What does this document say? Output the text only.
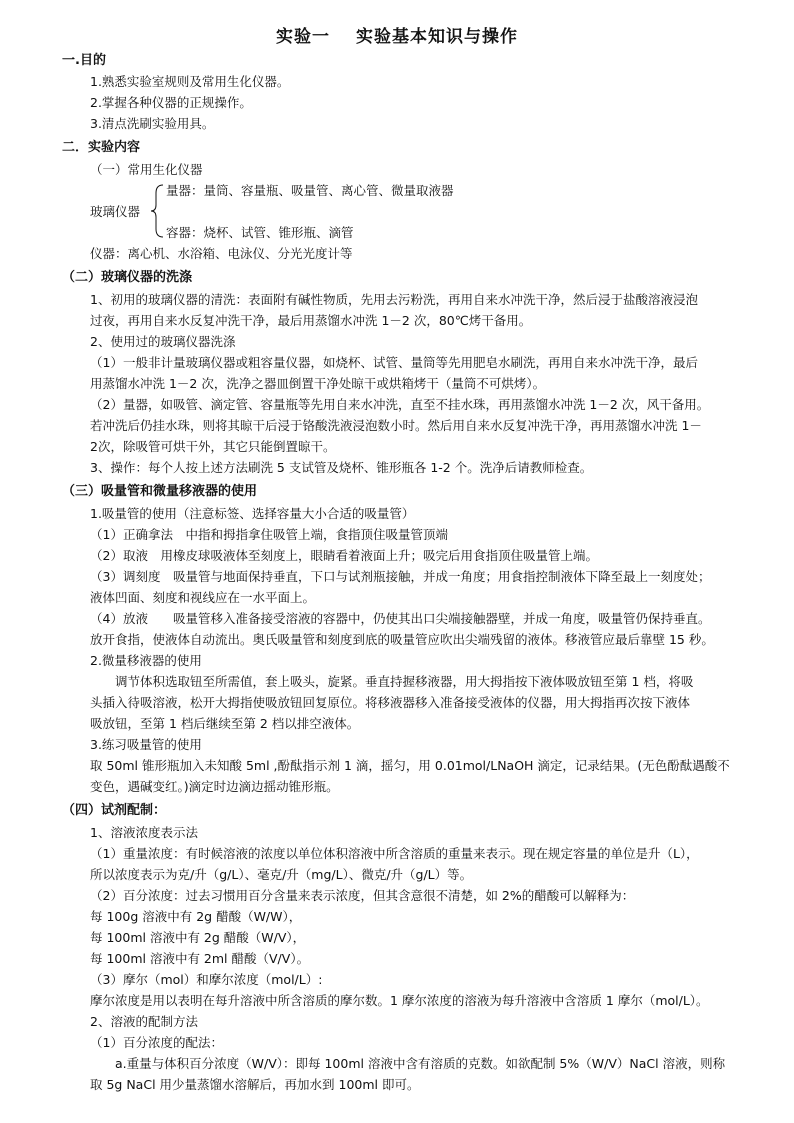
实验一 实验基本知识与操作
一.目的
1.熟悉实验室规则及常用生化仪器。
2.掌握各种仪器的正规操作。
3.清点洗刷实验用具。
二．实验内容
（一）常用生化仪器
玻璃仪器
量器：量筒、容量瓶、吸量管、离心管、微量取液器
容器：烧杯、试管、锥形瓶、滴管
仪器：离心机、水浴箱、电泳仪、分光光度计等
（二）玻璃仪器的洗涤
1、初用的玻璃仪器的清洗：表面附有碱性物质，先用去污粉洗，再用自来水冲洗干净，然后浸于盐酸溶液浸泡
过夜，再用自来水反复冲洗干净，最后用蒸馏水冲洗 1－2 次，80℃烤干备用。
2、使用过的玻璃仪器洗涤
（1）一般非计量玻璃仪器或粗容量仪器，如烧杯、试管、量筒等先用肥皂水刷洗，再用自来水冲洗干净，最后
用蒸馏水冲洗 1－2 次，洗净之器皿倒置干净处晾干或烘箱烤干（量筒不可烘烤）。
（2）量器，如吸管、滴定管、容量瓶等先用自来水冲洗，直至不挂水珠，再用蒸馏水冲洗 1－2 次，风干备用。
若冲洗后仍挂水珠，则将其晾干后浸于铬酸洗液浸泡数小时。然后用自来水反复冲洗干净，再用蒸馏水冲洗 1－
2次，除吸管可烘干外，其它只能倒置晾干。
3、操作：每个人按上述方法刷洗 5 支试管及烧杯、锥形瓶各 1-2 个。洗净后请教师检查。
（三）吸量管和微量移液器的使用
1.吸量管的使用（注意标签、选择容量大小合适的吸量管）
（1）正确拿法　中指和拇指拿住吸管上端，食指顶住吸量管顶端
（2）取液　用橡皮球吸液体至刻度上，眼睛看着液面上升；吸完后用食指顶住吸量管上端。
（3）调刻度　吸量管与地面保持垂直，下口与试剂瓶接触，并成一角度；用食指控制液体下降至最上一刻度处；
液体凹面、刻度和视线应在一水平面上。
（4）放液　　吸量管移入准备接受溶液的容器中，仍使其出口尖端接触器壁，并成一角度，吸量管仍保持垂直。
放开食指，使液体自动流出。奥氏吸量管和刻度到底的吸量管应吹出尖端残留的液体。移液管应最后靠壁 15 秒。
2.微量移液器的使用
　　调节体积选取钮至所需值，套上吸头，旋紧。垂直持握移液器，用大拇指按下液体吸放钮至第 1 档，将吸
头插入待吸溶液，松开大拇指使吸放钮回复原位。将移液器移入准备接受液体的仪器，用大拇指再次按下液体
吸放钮，至第 1 档后继续至第 2 档以排空液体。
3.练习吸量管的使用
取 50ml 锥形瓶加入未知酸 5ml ,酚酞指示剂 1 滴，摇匀，用 0.01mol/LNaOH 滴定，记录结果。(无色酚酞遇酸不
变色，遇碱变红。)滴定时边滴边摇动锥形瓶。
（四）试剂配制：
1、溶液浓度表示法
（1）重量浓度：有时候溶液的浓度以单位体积溶液中所含溶质的重量来表示。现在规定容量的单位是升（L），
所以浓度表示为克/升（g/L）、毫克/升（mg/L）、微克/升（g/L）等。
（2）百分浓度：过去习惯用百分含量来表示浓度，但其含意很不清楚，如 2%的醋酸可以解释为：
每 100g 溶液中有 2g 醋酸（W/W），
每 100ml 溶液中有 2g 醋酸（W/V），
每 100ml 溶液中有 2ml 醋酸（V/V）。
（3）摩尔（mol）和摩尔浓度（mol/L）:
摩尔浓度是用以表明在每升溶液中所含溶质的摩尔数。1 摩尔浓度的溶液为每升溶液中含溶质 1 摩尔（mol/L）。
2、溶液的配制方法
（1）百分浓度的配法：
　　a.重量与体积百分浓度（W/V）：即每 100ml 溶液中含有溶质的克数。如欲配制 5%（W/V）NaCl 溶液，则称
取 5g NaCl 用少量蒸馏水溶解后，再加水到 100ml 即可。
